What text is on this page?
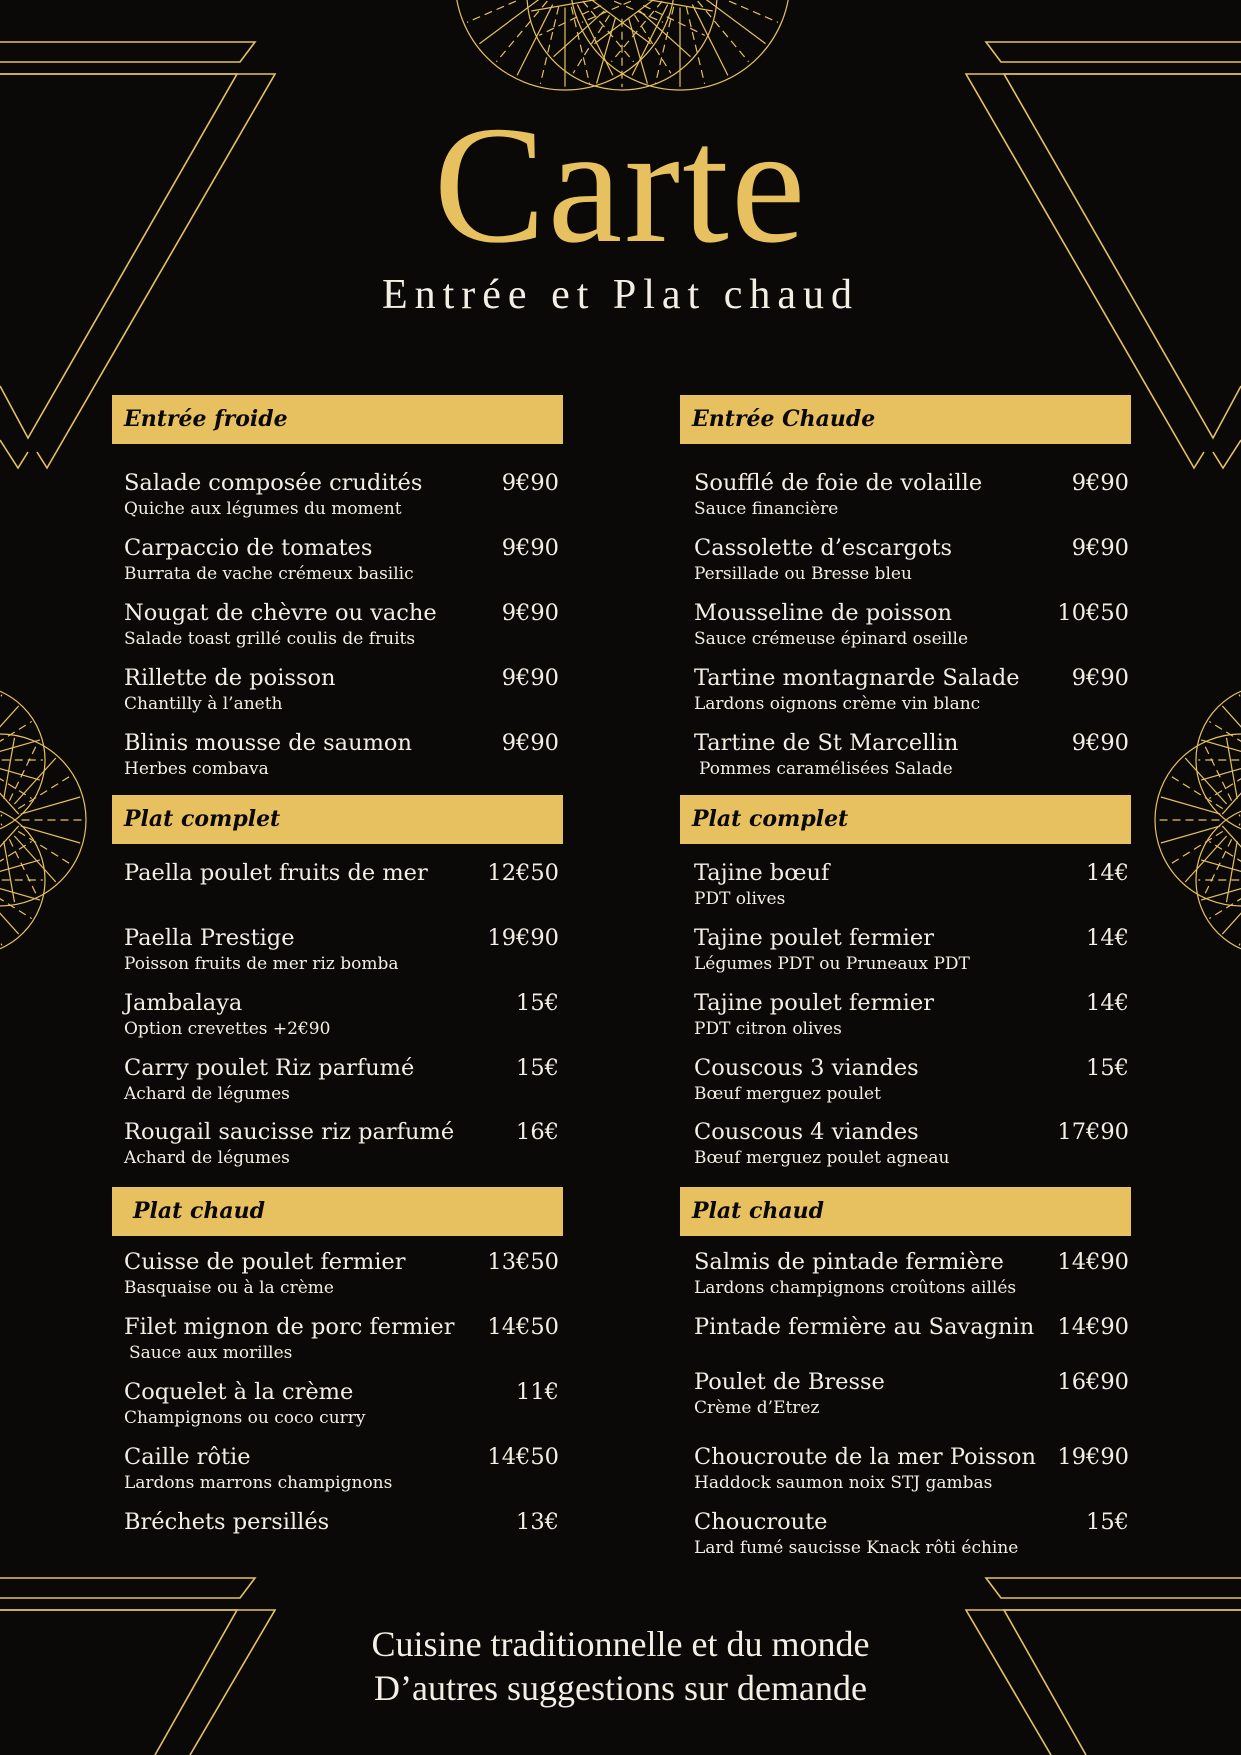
Carte
Entrée et Plat chaud
Entrée froide
Salade composée crudités	9€90
Quiche aux légumes du moment
Carpaccio de tomates	9€90
Burrata de vache crémeux basilic
Nougat de chèvre ou vache	9€90
Salade toast grillé coulis de fruits
Rillette de poisson	9€90
Chantilly à l’aneth
Blinis mousse de saumon	9€90
Herbes combava
Plat complet
Paella poulet fruits de mer	12€50
Paella Prestige	19€90
Poisson fruits de mer riz bomba
Jambalaya	15€
Option crevettes +2€90
Carry poulet Riz parfumé	15€
Achard de légumes
Rougail saucisse riz parfumé	16€
Achard de légumes
Plat chaud
Cuisse de poulet fermier	13€50
Basquaise ou à la crème
Filet mignon de porc fermier 14€50
Sauce aux morilles
Coquelet à la crème	11€
Champignons ou coco curry
Caille rôtie	14€50
Lardons marrons champignons
Bréchets persillés	13€
Entrée Chaude
Soufflé de foie de volaille	9€90
Sauce financière
Cassolette d’escargots	9€90
Persillade ou Bresse bleu
Mousseline de poisson	10€50
Sauce crémeuse épinard oseille
Tartine montagnarde Salade 9€90
Lardons oignons crème vin blanc
Tartine de St Marcellin	9€90
Pommes caramélisées Salade
Plat complet
Tajine bœuf	14€
PDT olives
Tajine poulet fermier	14€
Légumes PDT ou Pruneaux PDT
Tajine poulet fermier	14€
PDT citron olives
Couscous 3 viandes	15€
Bœuf merguez poulet
Couscous 4 viandes	17€90
Bœuf merguez poulet agneau
Plat chaud
Salmis de pintade fermière 14€90
Lardons champignons croûtons aillés
Pintade fermière au Savagnin 14€90
Poulet de Bresse	16€90
Crème d’Etrez
Choucroute de la mer Poisson 19€90
Haddock saumon noix STJ gambas
Choucroute	15€
Lard fumé saucisse Knack rôti échine
Cuisine traditionnelle et du monde
D’autres suggestions sur demande
